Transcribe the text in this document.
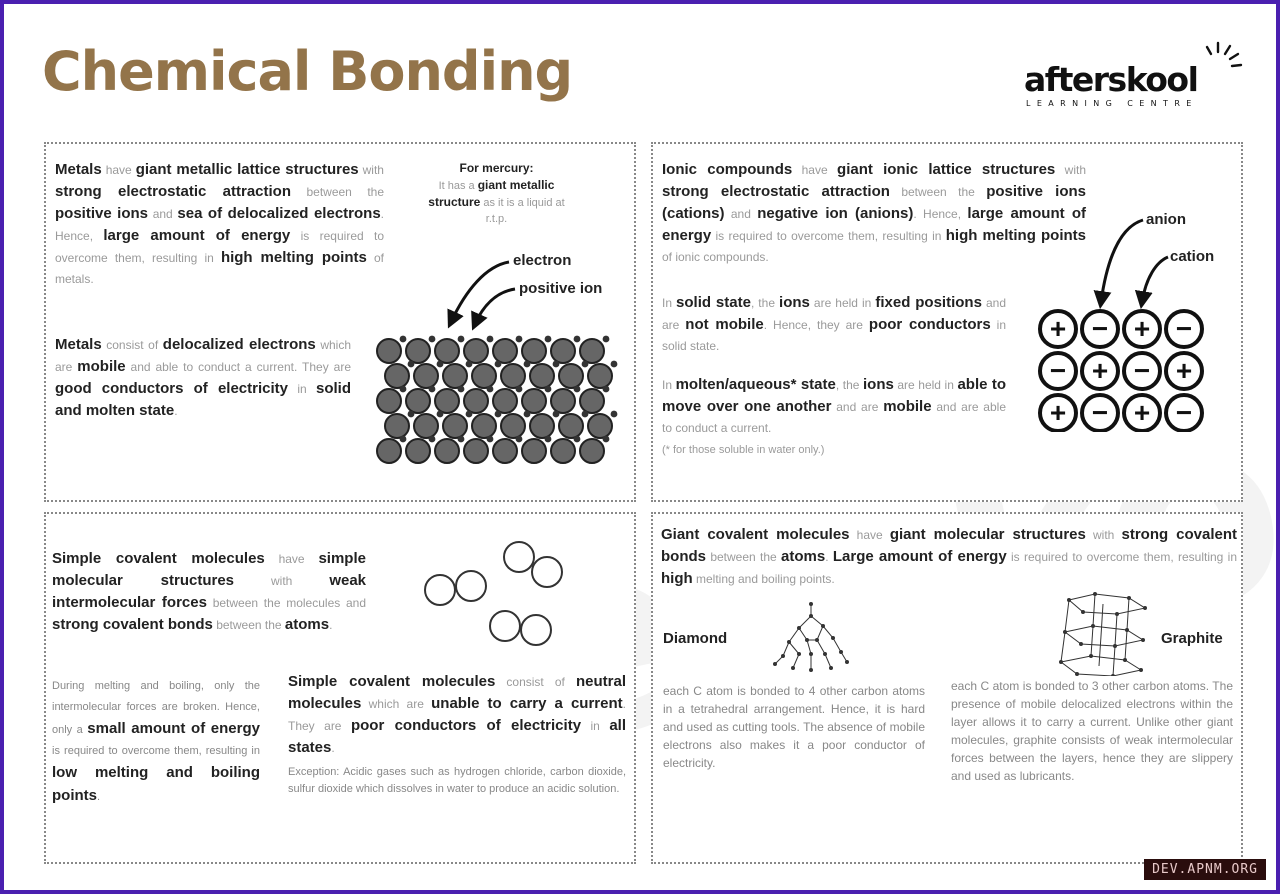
Chemical Bonding	afterskool
LEARNING CENTRE

Metals have giant metallic lattice structures with strong electrostatic attraction between the positive ions and sea of delocalized electrons. Hence, large amount of energy is required to overcome them, resulting in high melting points of metals.

Metals consist of delocalized electrons which are mobile and able to conduct a current. They are good conductors of electricity in solid and molten state.

For mercury:
It has a giant metallic structure as it is a liquid at r.t.p.

electron
positive ion

Ionic compounds have giant ionic lattice structures with strong electrostatic attraction between the positive ions (cations) and negative ion (anions). Hence, large amount of energy is required to overcome them, resulting in high melting points of ionic compounds.

In solid state, the ions are held in fixed positions and are not mobile. Hence, they are poor conductors in solid state.

In molten/aqueous* state, the ions are held in able to move over one another and are mobile and are able to conduct a current.
(* for those soluble in water only.)

anion
cation
+ − + −
− + − +
+ − + −

Simple covalent molecules have simple molecular structures with weak intermolecular forces between the molecules and strong covalent bonds between the atoms.

During melting and boiling, only the intermolecular forces are broken. Hence, only a small amount of energy is required to overcome them, resulting in low melting and boiling points.

Simple covalent molecules consist of neutral molecules which are unable to carry a current. They are poor conductors of electricity in all states.

Exception: Acidic gases such as hydrogen chloride, carbon dioxide, sulfur dioxide which dissolves in water to produce an acidic solution.

Giant covalent molecules have giant molecular structures with strong covalent bonds between the atoms. Large amount of energy is required to overcome them, resulting in high melting and boiling points.

Diamond	Graphite

each C atom is bonded to 4 other carbon atoms in a tetrahedral arrangement. Hence, it is hard and used as cutting tools. The absence of mobile electrons also makes it a poor conductor of electricity.

each C atom is bonded to 3 other carbon atoms. The presence of mobile delocalized electrons within the layer allows it to carry a current. Unlike other giant molecules, graphite consists of weak intermolecular forces between the layers, hence they are slippery and used as lubricants.

DEV.APNM.ORG
